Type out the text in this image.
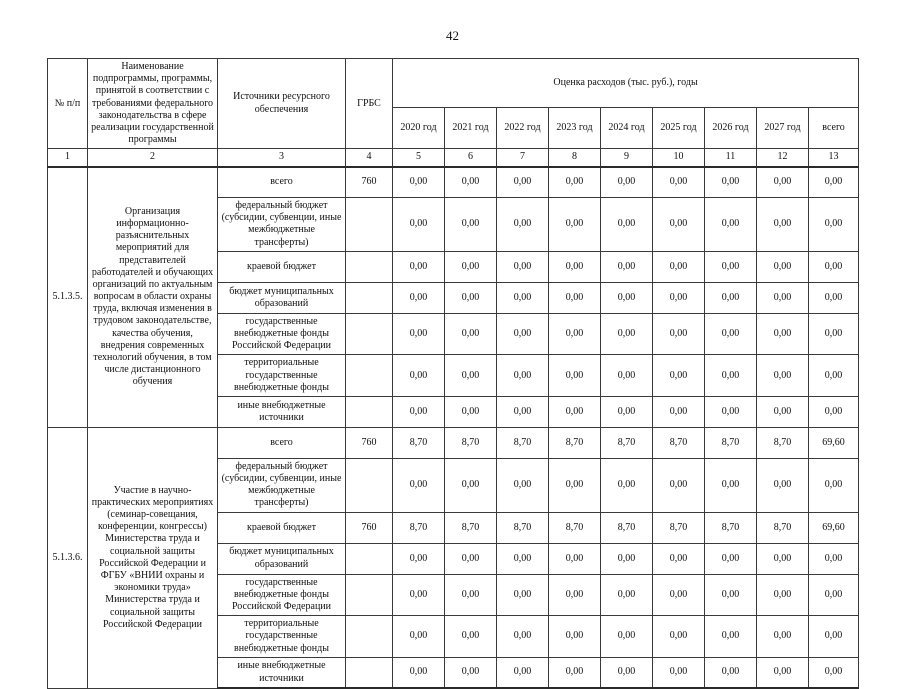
42
№ п/п	Наименование подпрограммы, программы, принятой в соответствии с требованиями федерального законодательства в сфере реализации государственной программы	Источники ресурсного обеспечения	ГРБС	Оценка расходов (тыс. руб.), годы								
				2020 год	2021 год	2022 год	2023 год	2024 год	2025 год	2026 год	2027 год	всего
1	2	3	4	5	6	7	8	9	10	11	12	13
5.1.3.5.	Организация информационно-разъяснительных мероприятий для представителей работодателей и обучающих организаций по актуальным вопросам в области охраны труда, включая изменения в трудовом законодательстве, качества обучения, внедрения современных технологий обучения, в том числе дистанционного обучения	всего	760	0,00	0,00	0,00	0,00	0,00	0,00	0,00	0,00	0,00
		федеральный бюджет (субсидии, субвенции, иные межбюджетные трансферты)		0,00	0,00	0,00	0,00	0,00	0,00	0,00	0,00	0,00
		краевой бюджет		0,00	0,00	0,00	0,00	0,00	0,00	0,00	0,00	0,00
		бюджет муниципальных образований		0,00	0,00	0,00	0,00	0,00	0,00	0,00	0,00	0,00
		государственные внебюджетные фонды Российской Федерации		0,00	0,00	0,00	0,00	0,00	0,00	0,00	0,00	0,00
		территориальные государственные внебюджетные фонды		0,00	0,00	0,00	0,00	0,00	0,00	0,00	0,00	0,00
		иные внебюджетные источники		0,00	0,00	0,00	0,00	0,00	0,00	0,00	0,00	0,00
5.1.3.6.	Участие в научно-практических мероприятиях (семинар-совещания, конференции, конгрессы) Министерства труда и социальной защиты Российской Федерации и ФГБУ «ВНИИ охраны и экономики труда» Министерства труда и социальной защиты Российской Федерации	всего	760	8,70	8,70	8,70	8,70	8,70	8,70	8,70	8,70	69,60
		федеральный бюджет (субсидии, субвенции, иные межбюджетные трансферты)		0,00	0,00	0,00	0,00	0,00	0,00	0,00	0,00	0,00
		краевой бюджет	760	8,70	8,70	8,70	8,70	8,70	8,70	8,70	8,70	69,60
		бюджет муниципальных образований		0,00	0,00	0,00	0,00	0,00	0,00	0,00	0,00	0,00
		государственные внебюджетные фонды Российской Федерации		0,00	0,00	0,00	0,00	0,00	0,00	0,00	0,00	0,00
		территориальные государственные внебюджетные фонды		0,00	0,00	0,00	0,00	0,00	0,00	0,00	0,00	0,00
		иные внебюджетные источники		0,00	0,00	0,00	0,00	0,00	0,00	0,00	0,00	0,00
